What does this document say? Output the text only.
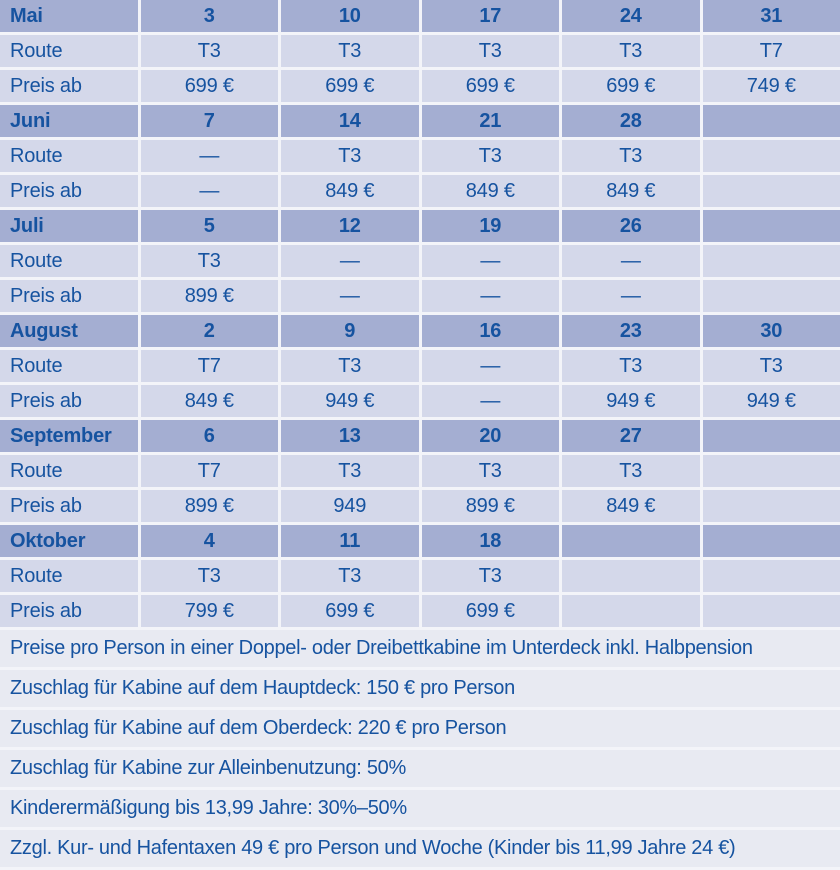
Mai	3	10	17	24	31
Route	T3	T3	T3	T3	T7
Preis ab	699 €	699 €	699 €	699 €	749 €
Juni	7	14	21	28
Route	—	T3	T3	T3
Preis ab	—	849 €	849 €	849 €
Juli	5	12	19	26
Route	T3	—	—	—
Preis ab	899 €	—	—	—
August	2	9	16	23	30
Route	T7	T3	—	T3	T3
Preis ab	849 €	949 €	—	949 €	949 €
September	6	13	20	27
Route	T7	T3	T3	T3
Preis ab	899 €	949	899 €	849 €
Oktober	4	11	18
Route	T3	T3	T3
Preis ab	799 €	699 €	699 €
Preise pro Person in einer Doppel- oder Dreibettkabine im Unterdeck inkl. Halbpension
Zuschlag für Kabine auf dem Hauptdeck: 150 € pro Person
Zuschlag für Kabine auf dem Oberdeck: 220 € pro Person
Zuschlag für Kabine zur Alleinbenutzung: 50%
Kinderermäßigung bis 13,99 Jahre: 30%–50%
Zzgl. Kur- und Hafentaxen 49 € pro Person und Woche (Kinder bis 11,99 Jahre 24 €)
